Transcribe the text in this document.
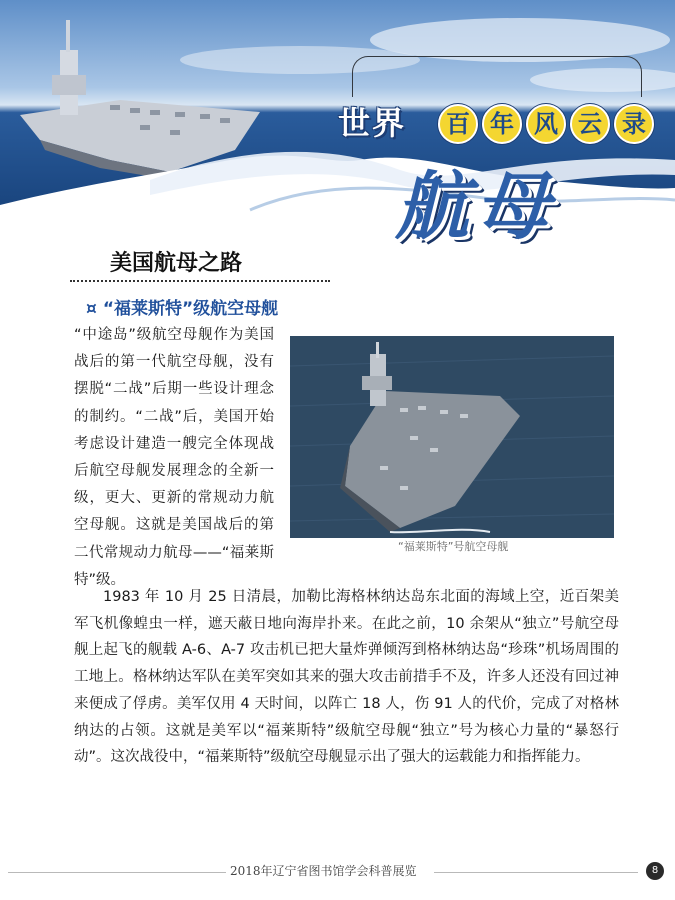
世界	百 年 风 云 录
航母
美国航母之路
¤ “福莱斯特”级航空母舰

“中途岛”级航空母舰作为美国战后的第一代航空母舰，没有摆脱“二战”后期一些设计理念的制约。“二战”后，美国开始考虑设计建造一艘完全体现战后航空母舰发展理念的全新一级，更大、更新的常规动力航空母舰。这就是美国战后的第二代常规动力航母——“福莱斯特”级。

“福莱斯特”号航空母舰

1983 年 10 月 25 日清晨，加勒比海格林纳达岛东北面的海域上空，近百架美军飞机像蝗虫一样，遮天蔽日地向海岸扑来。在此之前，10 余架从“独立”号航空母舰上起飞的舰载 A-6、A-7 攻击机已把大量炸弹倾泻到格林纳达岛“珍珠”机场周围的工地上。格林纳达军队在美军突如其来的强大攻击前措手不及，许多人还没有回过神来便成了俘虏。美军仅用 4 天时间，以阵亡 18 人，伤 91 人的代价，完成了对格林纳达的占领。这就是美军以“福莱斯特”级航空母舰“独立”号为核心力量的“暴怒行动”。这次战役中，“福莱斯特”级航空母舰显示出了强大的运载能力和指挥能力。

2018年辽宁省图书馆学会科普展览	8
